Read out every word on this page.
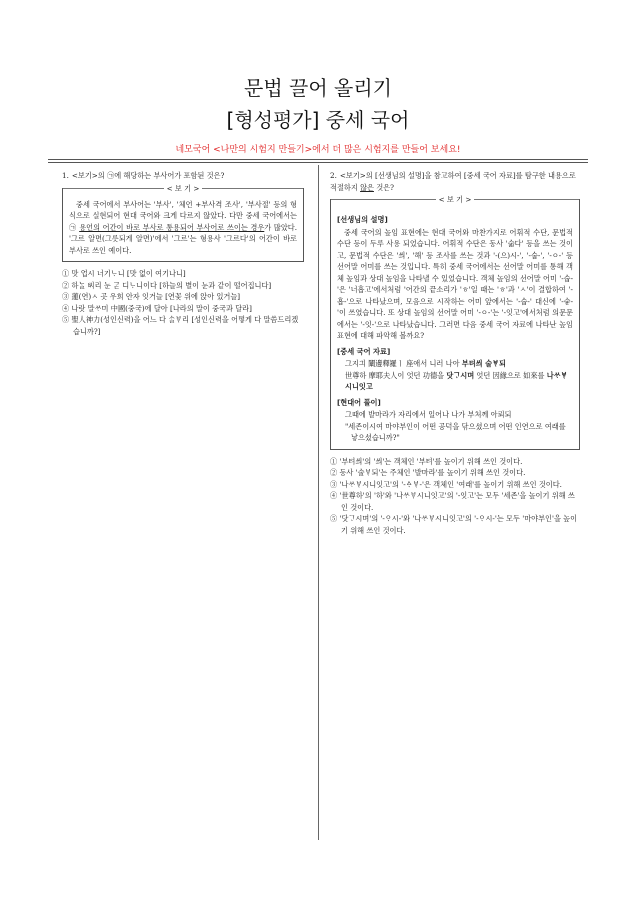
문법 끌어 올리기
[형성평가] 중세 국어
네모국어 <나만의 시험지 만들기>에서 더 많은 시험지를 만들어 보세요!

1. <보기>의 ㉠에 해당하는 부사어가 포함된 것은?

< 보 기 >

중세 국어에서 부사어는 '부사', '체언 +부사격 조사', '부사절' 등의 형식으로 실현되어 현대 국어와 크게 다르지 않았다. 다만 중세 국어에서는 ㉠ 용언의 어간이 바로 부사로 통용되어 부사어로 쓰이는 경우가 많았다. '그르 알면(그릇되게 알면)'에서 '그르'는 형용사 '그르다'의 어간이 바로 부사로 쓰인 예이다.

① 맛 업시 너기ᄂᆞ니 [맛 없이 여기나니]

② 하ᄂᆞᆯ ᄡᅵ리 눈 ᄀᆞᆮ 디ᄂᆞ니이다 [하늘의 별이 눈과 같이 떨어집니다]

③ 蓮(연)ㅅ 곳 우희 안자 잇거늘 [연꽃 위에 앉아 있거늘]

④ 나랏 말ᄊᆞ미 中國(중국)에 달아 [나라의 말이 중국과 달라]

⑤ 聖人神力(성인신력)을 어느 다 ᄉᆞᆯᄫᆞ리 [성인신력을 어떻게 다 말씀드리겠습니까?]

2. <보기>의 [선생님의 설명]을 참고하여 [중세 국어 자료]를 탐구한 내용으로 적절하지 않은 것은?

< 보 기 >
[선생님의 설명]

중세 국어의 높임 표현에는 현대 국어와 마찬가지로 어휘적 수단, 문법적 수단 등이 두루 사용 되었습니다. 어휘적 수단은 동사 '숣다' 등을 쓰는 것이고, 문법적 수단은 '씌', '해' 등 조사를 쓰는 것과 '-(으)시-', '-숩-', '-ㅇ-' 등 선어말 어미를 쓰는 것입니다. 특히 중세 국어에서는 선어말 어미를 통해 객체 높임과 상대 높임을 나타낼 수 있었습니다. 객체 높임의 선어말 어미 '-숩-'은 '너흡고'에서처럼 '어간의 끝소리가 'ㅎ'일 때는 'ㅎ'과 'ㅅ'이 결합하여 '-흡-'으로 나타났으며, 모음으로 시작하는 어미 앞에서는 '-숩-' 대신에 '-숳-'이 쓰였습니다. 또 상대 높임의 선어말 어미 '-ㅇ-'는 '-잇고'에서처럼 의문문에서는 '-잇-'으로 나타났습니다. 그러면 다음 중세 국어 자료에 나타난 높임 표현에 대해 파악해 볼까요?

[중세 국어 자료]

그지긔 闡邊釋羅ㅣ 座애서 니러 나아 부텨씌 술ᄫᆞ되

世尊하 摩耶夫人이 엇던 功德을 닷ᄀᆞ시며 엇던 因緣으로 如來를 나ᄊᆞᄫᆞ시니잇고

[현대어 풀이]

그때에 발마라가 자리에서 일어나 나가 부처께 아뢰되

"세존이시여 마야부인이 어떤 공덕을 닦으셨으며 어떤 인연으로 여래를 낳으셨습니까?"

① '부텨씌'의 '씌'는 객체인 '부텨'를 높이기 위해 쓰인 것이다.

② 동사 '술ᄫᆞ되'는 주체인 '발마라'를 높이기 위해 쓰인 것이다.

③ '나ᄊᆞᄫᆞ시니잇고'의 '-ᅀᆞᄫᆞ-'은 객체인 '여래'를 높이기 위해 쓰인 것이다.

④ '世尊하'의 '하'와 '나ᄊᆞᄫᆞ시니잇고'의 '-잇고'는 모두 '세존'을 높이기 위해 쓰인 것이다.

⑤ '닷ᄀᆞ시며'의 '-ᄋᆞ시-'와 '나ᄊᆞᄫᆞ시니잇고'의 '-ᄋᆞ시-'는 모두 '마야부인'을 높이기 위해 쓰인 것이다.
